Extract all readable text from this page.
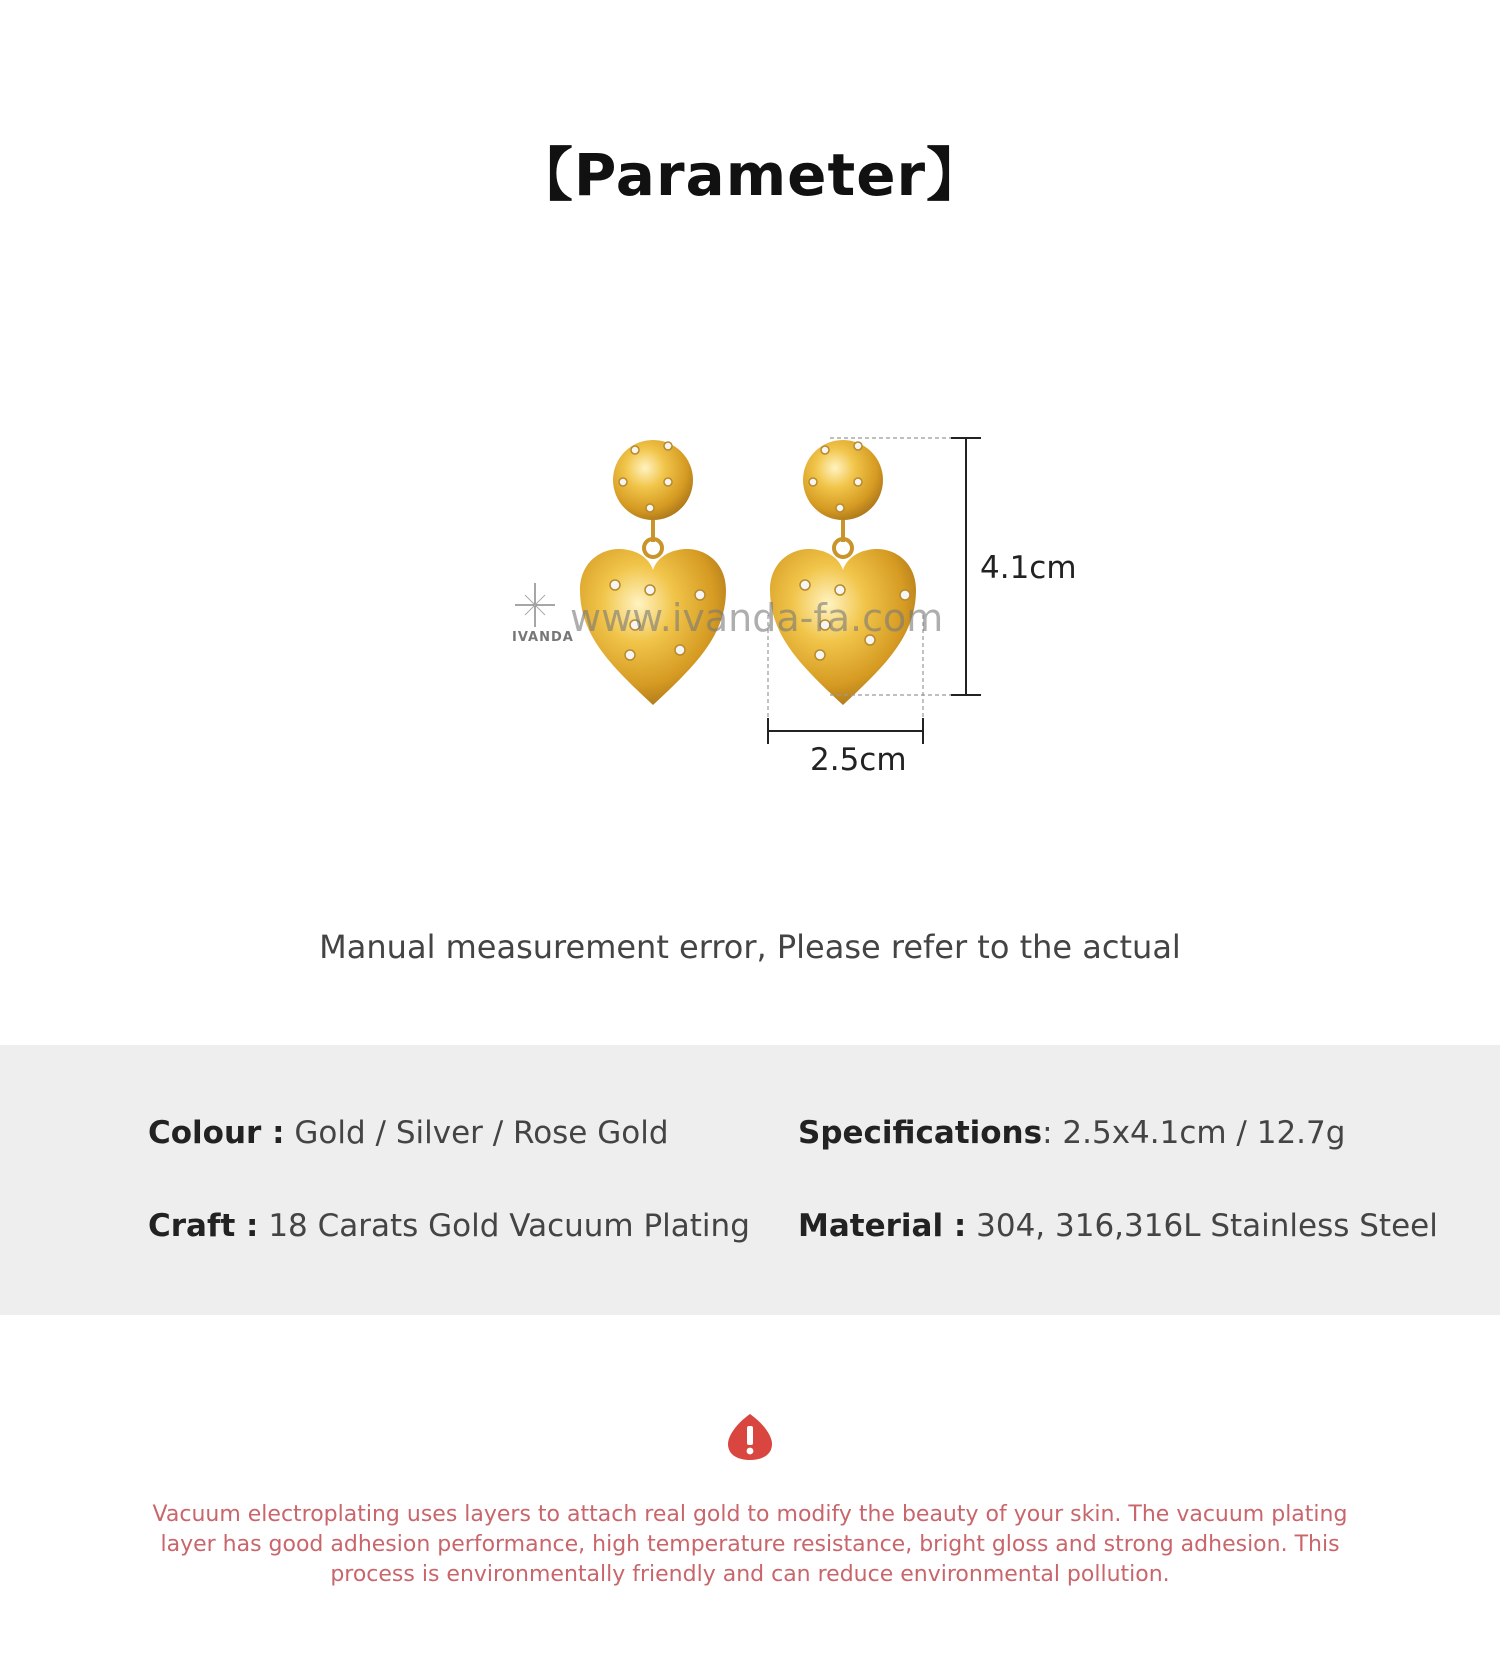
【Parameter】
IVANDA
www.ivanda-fa.com
4.1cm
2.5cm
Manual measurement error, Please refer to the actual
Colour : Gold / Silver / Rose Gold	Specifications: 2.5x4.1cm / 12.7g
Craft : 18 Carats Gold Vacuum Plating Material : 304, 316,316L Stainless Steel
Vacuum electroplating uses layers to attach real gold to modify the beauty of your skin. The vacuum plating layer has good adhesion performance, high temperature resistance, bright gloss and strong adhesion. This process is environmentally friendly and can reduce environmental pollution.
